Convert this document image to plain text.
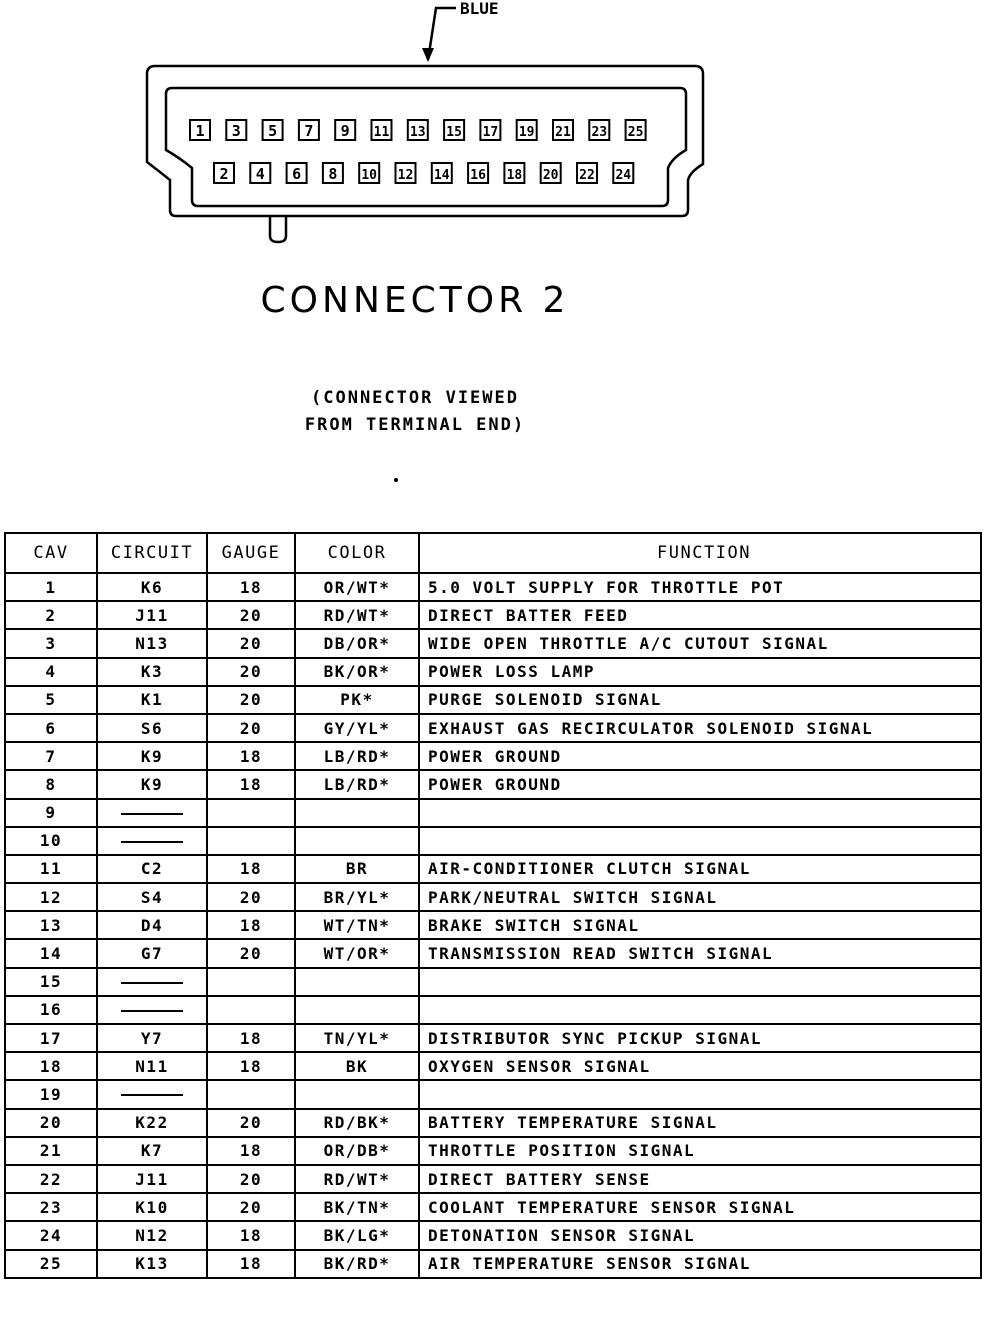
BLUE
1 3 5 7 9 11 13 15 17 19 21 23 25
2 4 6 8 10 12 14 16 18 20 22 24
CONNECTOR 2
(CONNECTOR VIEWED
FROM TERMINAL END)
CAV	CIRCUIT	GAUGE	COLOR	FUNCTION
1	K6	18	OR/WT*	5.0 VOLT SUPPLY FOR THROTTLE POT
2	J11	20	RD/WT*	DIRECT BATTER FEED
3	N13	20	DB/OR*	WIDE OPEN THROTTLE A/C CUTOUT SIGNAL
4	K3	20	BK/OR*	POWER LOSS LAMP
5	K1	20	PK*	PURGE SOLENOID SIGNAL
6	S6	20	GY/YL*	EXHAUST GAS RECIRCULATOR SOLENOID SIGNAL
7	K9	18	LB/RD*	POWER GROUND
8	K9	18	LB/RD*	POWER GROUND
9				
10				
11	C2	18	BR	AIR-CONDITIONER CLUTCH SIGNAL
12	S4	20	BR/YL*	PARK/NEUTRAL SWITCH SIGNAL
13	D4	18	WT/TN*	BRAKE SWITCH SIGNAL
14	G7	20	WT/OR*	TRANSMISSION READ SWITCH SIGNAL
15				
16				
17	Y7	18	TN/YL*	DISTRIBUTOR SYNC PICKUP SIGNAL
18	N11	18	BK	OXYGEN SENSOR SIGNAL
19				
20	K22	20	RD/BK*	BATTERY TEMPERATURE SIGNAL
21	K7	18	OR/DB*	THROTTLE POSITION SIGNAL
22	J11	20	RD/WT*	DIRECT BATTERY SENSE
23	K10	20	BK/TN*	COOLANT TEMPERATURE SENSOR SIGNAL
24	N12	18	BK/LG*	DETONATION SENSOR SIGNAL
25	K13	18	BK/RD*	AIR TEMPERATURE SENSOR SIGNAL
